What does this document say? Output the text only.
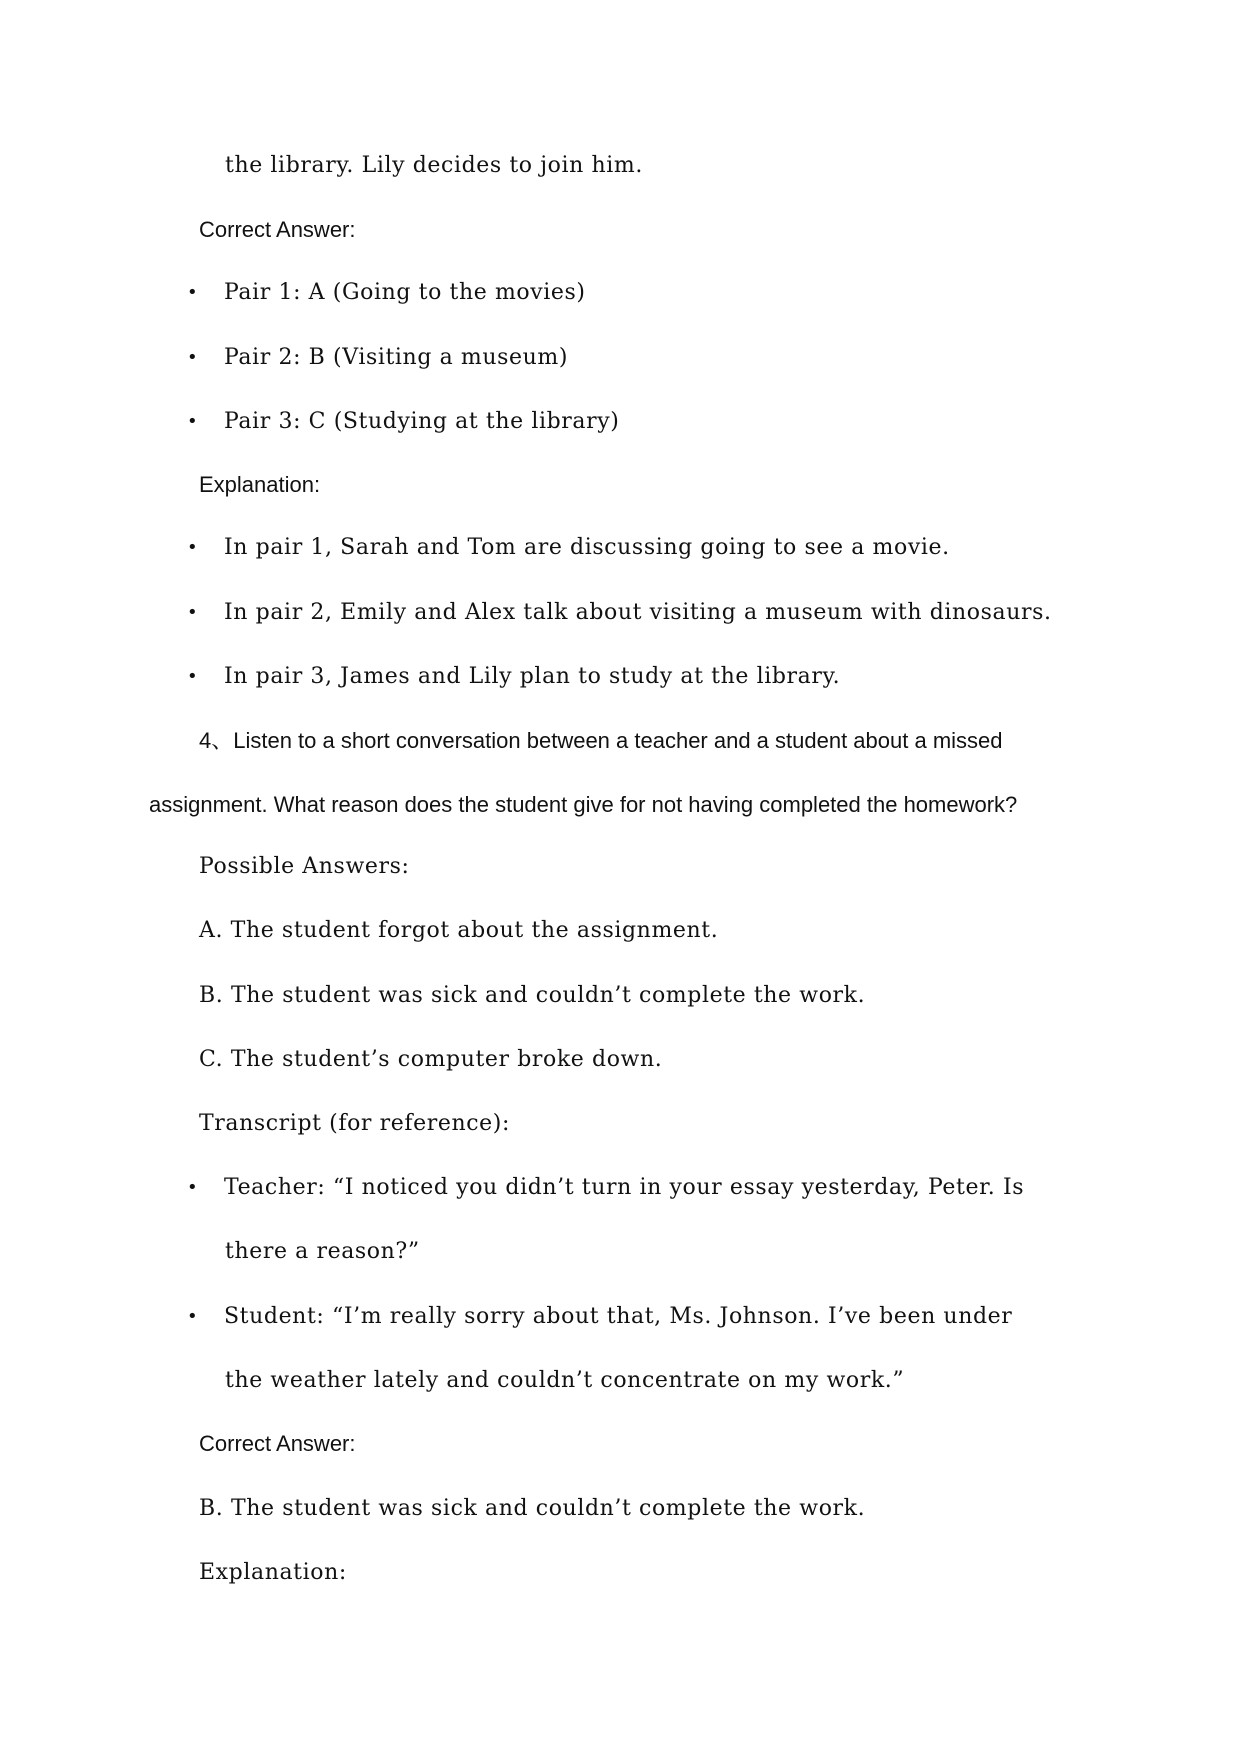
the library. Lily decides to join him.
Correct Answer:
• Pair 1: A (Going to the movies)
• Pair 2: B (Visiting a museum)
• Pair 3: C (Studying at the library)
Explanation:
• In pair 1, Sarah and Tom are discussing going to see a movie.
• In pair 2, Emily and Alex talk about visiting a museum with dinosaurs.
• In pair 3, James and Lily plan to study at the library.
4、Listen to a short conversation between a teacher and a student about a missed
assignment. What reason does the student give for not having completed the homework?
Possible Answers:
A. The student forgot about the assignment.
B. The student was sick and couldn’t complete the work.
C. The student’s computer broke down.
Transcript (for reference):
• Teacher: “I noticed you didn’t turn in your essay yesterday, Peter. Is
there a reason?”
• Student: “I’m really sorry about that, Ms. Johnson. I’ve been under
the weather lately and couldn’t concentrate on my work.”
Correct Answer:
B. The student was sick and couldn’t complete the work.
Explanation:
